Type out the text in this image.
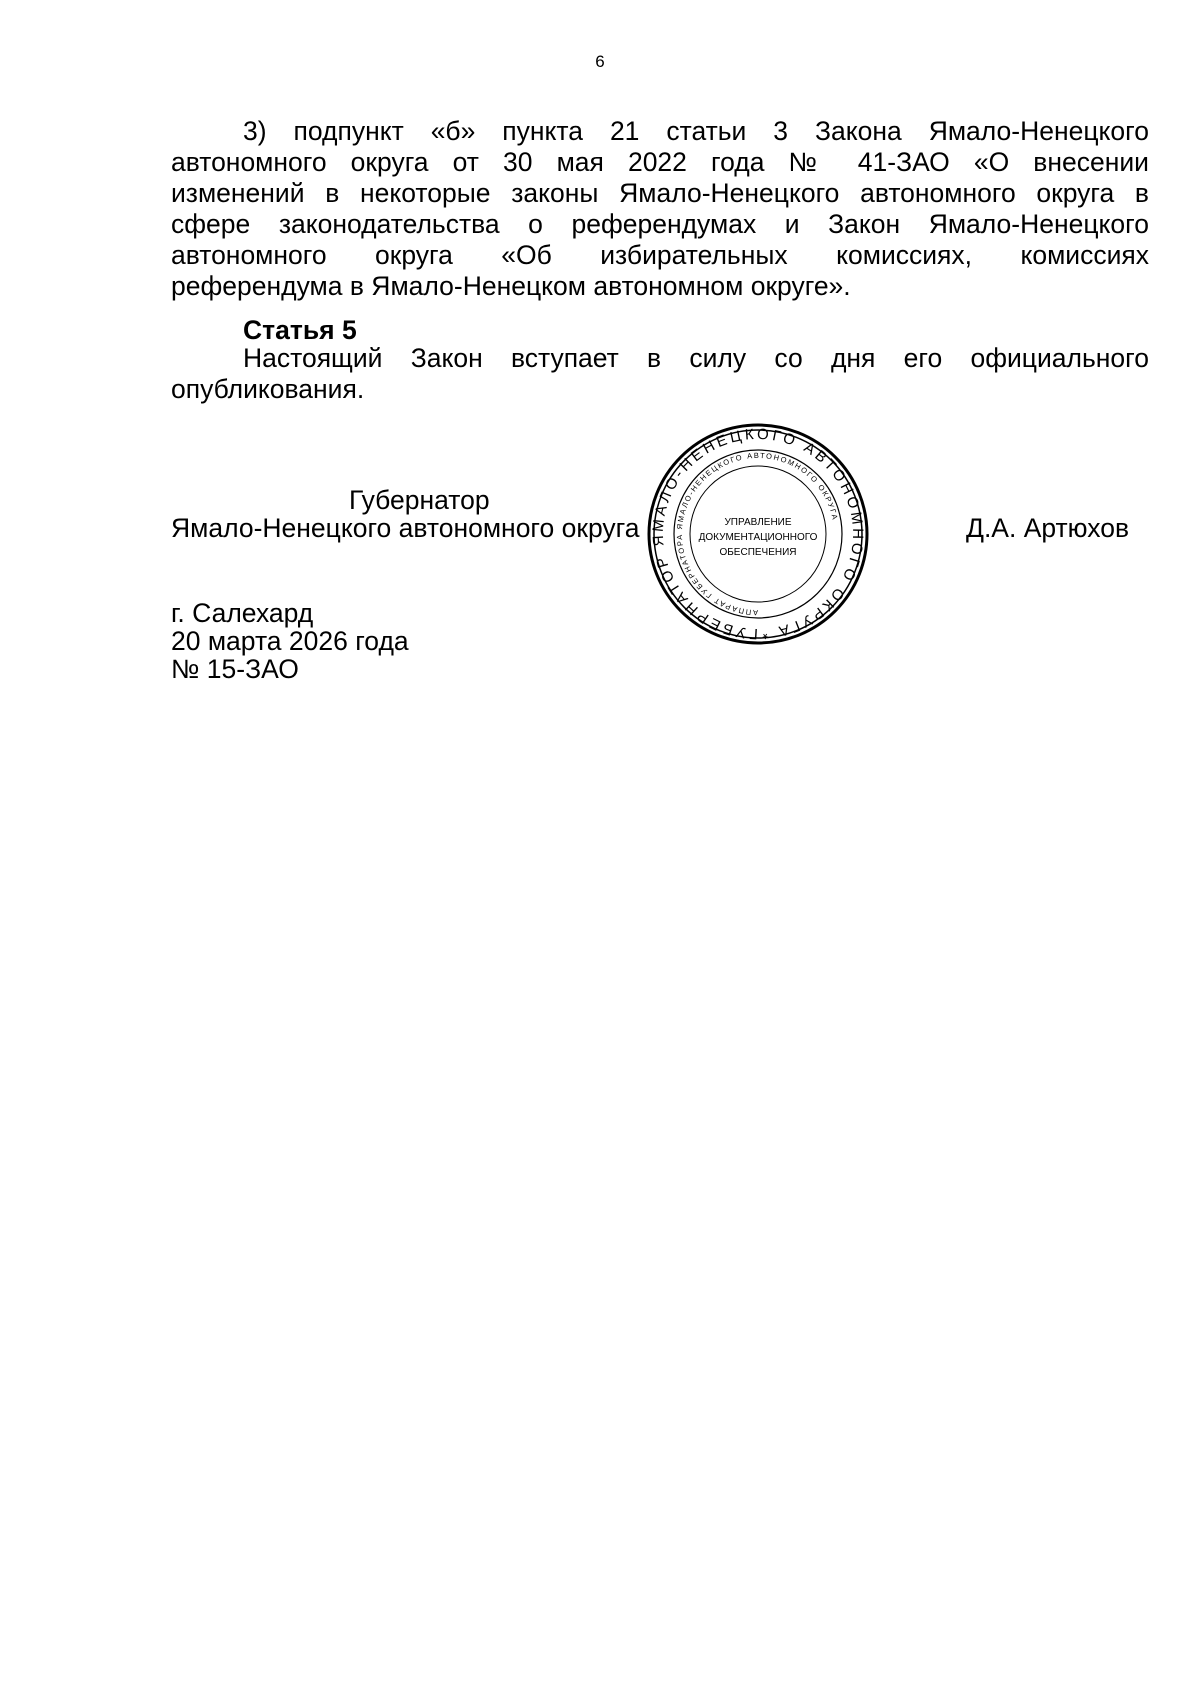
6
3) подпункт «б» пункта 21 статьи 3 Закона Ямало-Ненецкого
автономного округа от 30 мая 2022 года № 41-ЗАО «О внесении
изменений в некоторые законы Ямало-Ненецкого автономного округа в
сфере законодательства о референдумах и Закон Ямало-Ненецкого
автономного округа «Об избирательных комиссиях, комиссиях
референдума в Ямало-Ненецком автономном округе».
Статья 5
Настоящий Закон вступает в силу со дня его официального
опубликования.
Губернатор
Ямало-Ненецкого автономного округа	Д.А. Артюхов
ГУБЕРНАТОР ЯМАЛО-НЕНЕЦКОГО АВТОНОМНОГО ОКРУГА *
АППАРАТ ГУБЕРНАТОРА ЯМАЛО-НЕНЕЦКОГО АВТОНОМНОГО ОКРУГА
УПРАВЛЕНИЕ
ДОКУМЕНТАЦИОННОГО
ОБЕСПЕЧЕНИЯ
г. Салехард
20 марта 2026 года
№ 15-ЗАО
